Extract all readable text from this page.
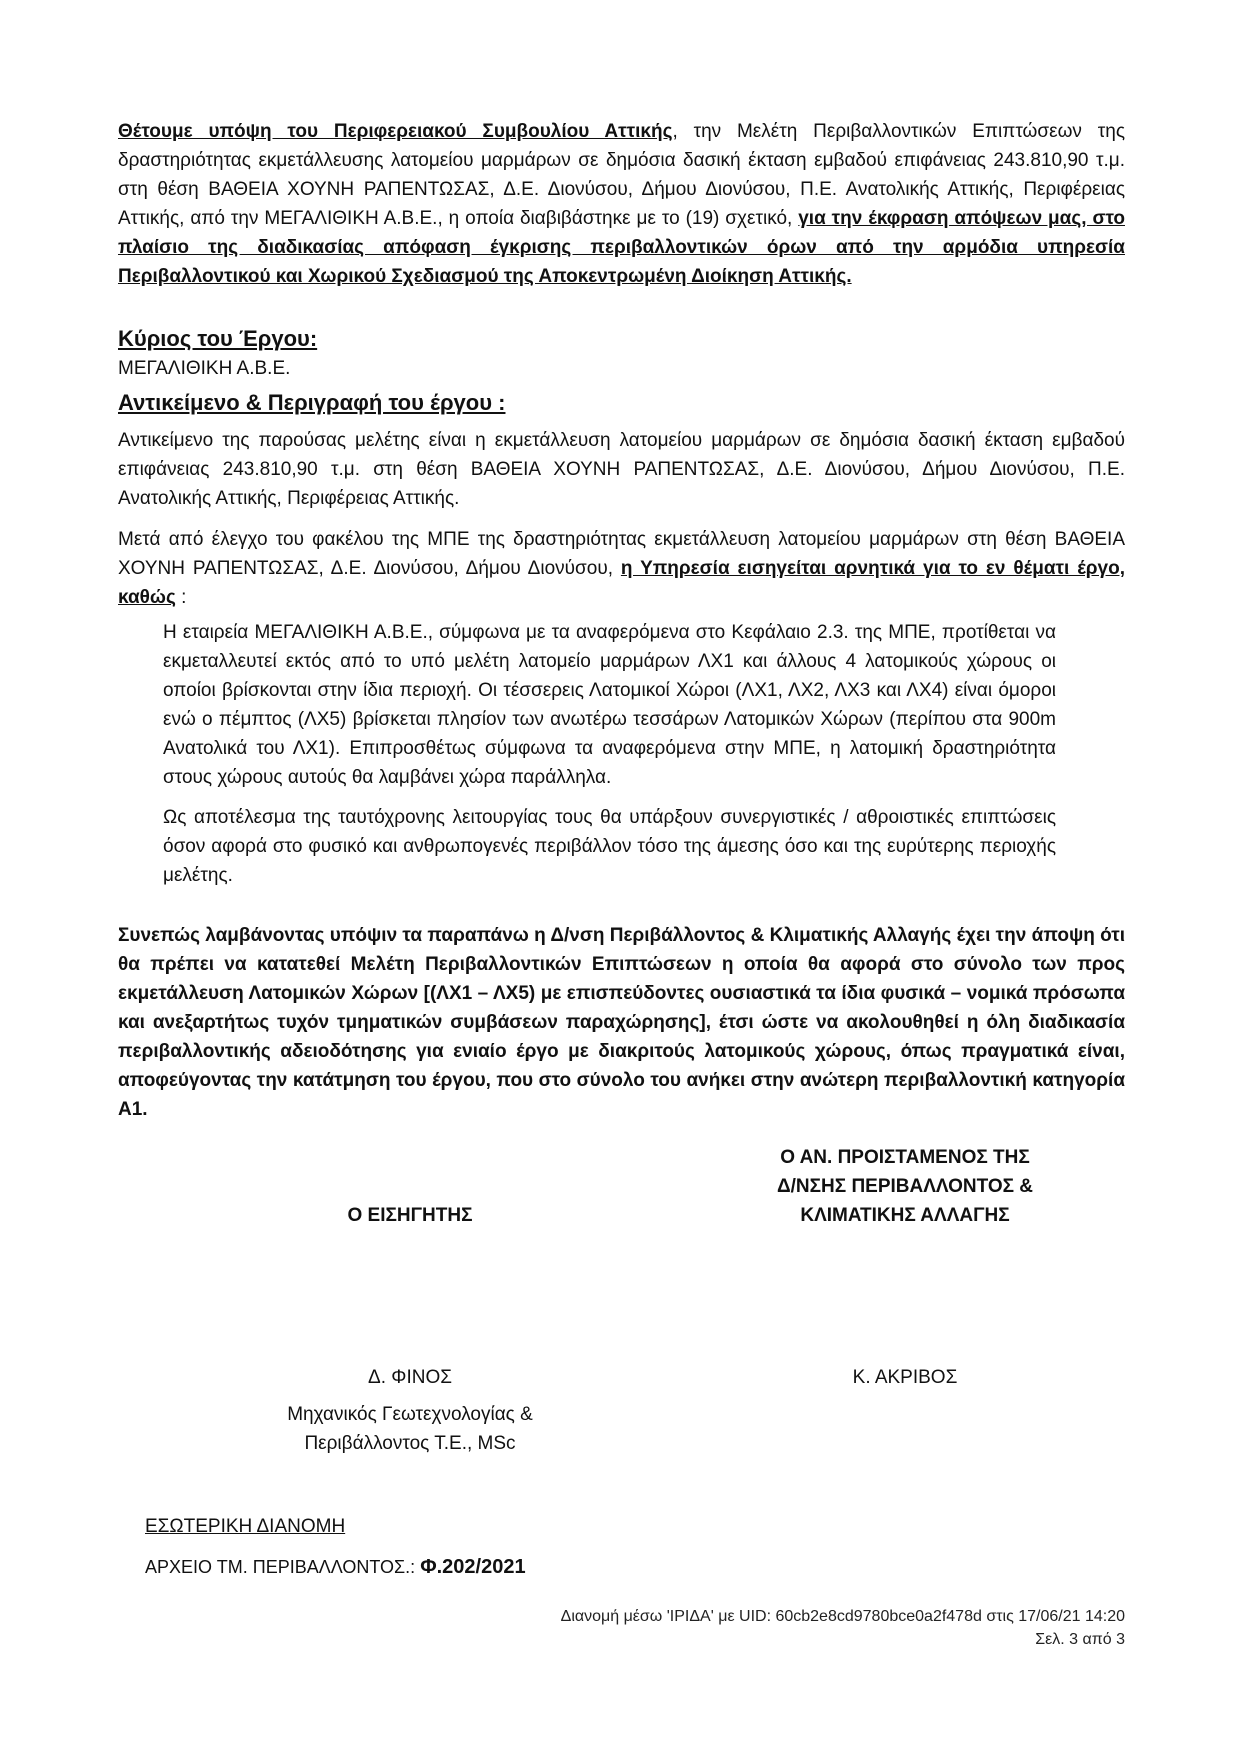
Θέτουμε υπόψη του Περιφερειακού Συμβουλίου Αττικής, την Μελέτη Περιβαλλοντικών Επιπτώσεων της δραστηριότητας εκμετάλλευσης λατομείου μαρμάρων σε δημόσια δασική έκταση εμβαδού επιφάνειας 243.810,90 τ.μ. στη θέση ΒΑΘΕΙΑ ΧΟΥΝΗ ΡΑΠΕΝΤΩΣΑΣ, Δ.Ε. Διονύσου, Δήμου Διονύσου, Π.Ε. Ανατολικής Αττικής, Περιφέρειας Αττικής, από την ΜΕΓΑΛΙΘΙΚΗ Α.Β.Ε., η οποία διαβιβάστηκε με το (19) σχετικό, για την έκφραση απόψεων μας, στο πλαίσιο της διαδικασίας απόφαση έγκρισης περιβαλλοντικών όρων από την αρμόδια υπηρεσία Περιβαλλοντικού και Χωρικού Σχεδιασμού της Αποκεντρωμένη Διοίκηση Αττικής.

Κύριος του Έργου:

ΜΕΓΑΛΙΘΙΚΗ Α.Β.Ε.

Αντικείμενο & Περιγραφή του έργου :

Αντικείμενο της παρούσας μελέτης είναι η εκμετάλλευση λατομείου μαρμάρων σε δημόσια δασική έκταση εμβαδού επιφάνειας 243.810,90 τ.μ. στη θέση ΒΑΘΕΙΑ ΧΟΥΝΗ ΡΑΠΕΝΤΩΣΑΣ, Δ.Ε. Διονύσου, Δήμου Διονύσου, Π.Ε. Ανατολικής Αττικής, Περιφέρειας Αττικής.

Μετά από έλεγχο του φακέλου της ΜΠΕ της δραστηριότητας εκμετάλλευση λατομείου μαρμάρων στη θέση ΒΑΘΕΙΑ ΧΟΥΝΗ ΡΑΠΕΝΤΩΣΑΣ, Δ.Ε. Διονύσου, Δήμου Διονύσου, η Υπηρεσία εισηγείται αρνητικά για το εν θέματι έργο, καθώς :

Η εταιρεία ΜΕΓΑΛΙΘΙΚΗ Α.Β.Ε., σύμφωνα με τα αναφερόμενα στο Κεφάλαιο 2.3. της ΜΠΕ, προτίθεται να εκμεταλλευτεί εκτός από το υπό μελέτη λατομείο μαρμάρων ΛΧ1 και άλλους 4 λατομικούς χώρους οι οποίοι βρίσκονται στην ίδια περιοχή. Οι τέσσερεις Λατομικοί Χώροι (ΛΧ1, ΛΧ2, ΛΧ3 και ΛΧ4) είναι όμοροι ενώ ο πέμπτος (ΛΧ5) βρίσκεται πλησίον των ανωτέρω τεσσάρων Λατομικών Χώρων (περίπου στα 900m Ανατολικά του ΛΧ1). Επιπροσθέτως σύμφωνα τα αναφερόμενα στην ΜΠΕ, η λατομική δραστηριότητα στους χώρους αυτούς θα λαμβάνει χώρα παράλληλα.

Ως αποτέλεσμα της ταυτόχρονης λειτουργίας τους θα υπάρξουν συνεργιστικές / αθροιστικές επιπτώσεις όσον αφορά στο φυσικό και ανθρωπογενές περιβάλλον τόσο της άμεσης όσο και της ευρύτερης περιοχής μελέτης.

Συνεπώς λαμβάνοντας υπόψιν τα παραπάνω η Δ/νση Περιβάλλοντος & Κλιματικής Αλλαγής έχει την άποψη ότι θα πρέπει να κατατεθεί Μελέτη Περιβαλλοντικών Επιπτώσεων η οποία θα αφορά στο σύνολο των προς εκμετάλλευση Λατομικών Χώρων [(ΛΧ1 – ΛΧ5) με επισπεύδοντες ουσιαστικά τα ίδια φυσικά – νομικά πρόσωπα και ανεξαρτήτως τυχόν τμηματικών συμβάσεων παραχώρησης], έτσι ώστε να ακολουθηθεί η όλη διαδικασία περιβαλλοντικής αδειοδότησης για ενιαίο έργο με διακριτούς λατομικούς χώρους, όπως πραγματικά είναι, αποφεύγοντας την κατάτμηση του έργου, που στο σύνολο του ανήκει στην ανώτερη περιβαλλοντική κατηγορία Α1.

Ο ΑΝ. ΠΡΟΙΣΤΑΜΕΝΟΣ ΤΗΣ
Δ/ΝΣΗΣ ΠΕΡΙΒΑΛΛΟΝΤΟΣ &
ΚΛΙΜΑΤΙΚΗΣ ΑΛΛΑΓΗΣ
Ο ΕΙΣΗΓΗΤΗΣ
Δ. ΦΙΝΟΣ
Μηχανικός Γεωτεχνολογίας &
Περιβάλλοντος Τ.Ε., MSc
Κ. ΑΚΡΙΒΟΣ
ΕΣΩΤΕΡΙΚΗ ΔΙΑΝΟΜΗ
ΑΡΧΕΙΟ ΤΜ. ΠΕΡΙΒΑΛΛΟΝΤΟΣ.: Φ.202/2021
Διανομή μέσω 'ΙΡΙΔΑ' με UID: 60cb2e8cd9780bce0a2f478d στις 17/06/21 14:20
Σελ. 3 από 3
